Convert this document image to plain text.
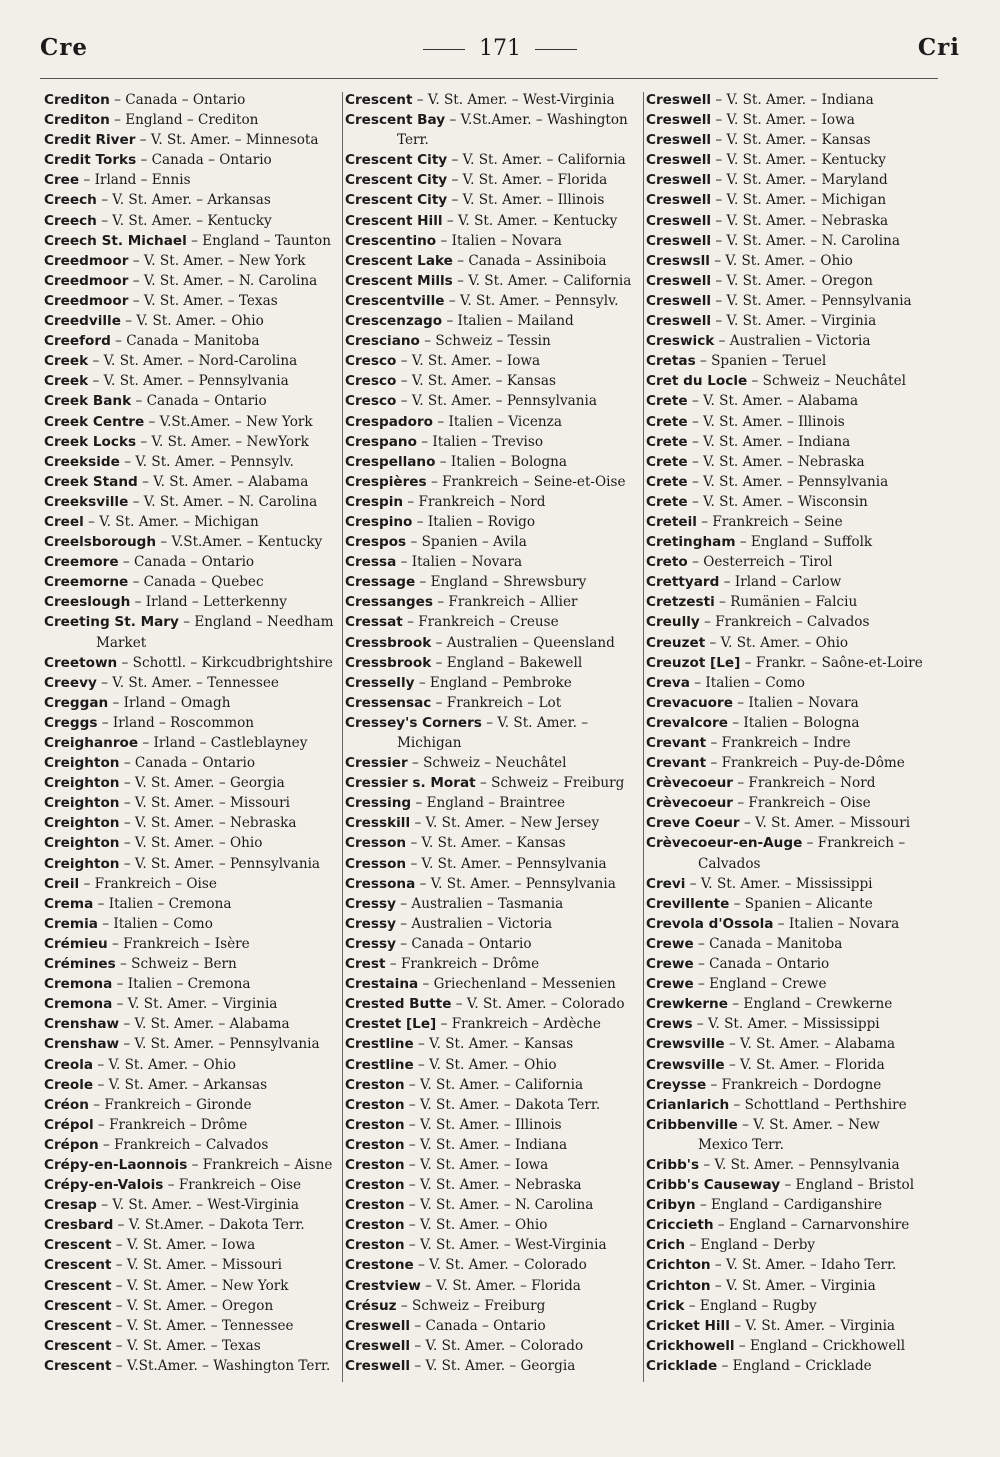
Cre	171	Cri
Crediton – Canada – Ontario
Crediton – England – Crediton
Credit River – V. St. Amer. – Minnesota
Credit Torks – Canada – Ontario
Cree – Irland – Ennis
Creech – V. St. Amer. – Arkansas
Creech – V. St. Amer. – Kentucky
Creech St. Michael – England – Taunton
Creedmoor – V. St. Amer. – New York
Creedmoor – V. St. Amer. – N. Carolina
Creedmoor – V. St. Amer. – Texas
Creedville – V. St. Amer. – Ohio
Creeford – Canada – Manitoba
Creek – V. St. Amer. – Nord-Carolina
Creek – V. St. Amer. – Pennsylvania
Creek Bank – Canada – Ontario
Creek Centre – V.St.Amer. – New York
Creek Locks – V. St. Amer. – NewYork
Creekside – V. St. Amer. – Pennsylv.
Creek Stand – V. St. Amer. – Alabama
Creeksville – V. St. Amer. – N. Carolina
Creel – V. St. Amer. – Michigan
Creelsborough – V.St.Amer. – Kentucky
Creemore – Canada – Ontario
Creemorne – Canada – Quebec
Creeslough – Irland – Letterkenny
Creeting St. Mary – England – Needham
Market
Creetown – Schottl. – Kirkcudbrightshire
Creevy – V. St. Amer. – Tennessee
Creggan – Irland – Omagh
Creggs – Irland – Roscommon
Creighanroe – Irland – Castleblayney
Creighton – Canada – Ontario
Creighton – V. St. Amer. – Georgia
Creighton – V. St. Amer. – Missouri
Creighton – V. St. Amer. – Nebraska
Creighton – V. St. Amer. – Ohio
Creighton – V. St. Amer. – Pennsylvania
Creil – Frankreich – Oise
Crema – Italien – Cremona
Cremia – Italien – Como
Crémieu – Frankreich – Isère
Crémines – Schweiz – Bern
Cremona – Italien – Cremona
Cremona – V. St. Amer. – Virginia
Crenshaw – V. St. Amer. – Alabama
Crenshaw – V. St. Amer. – Pennsylvania
Creola – V. St. Amer. – Ohio
Creole – V. St. Amer. – Arkansas
Créon – Frankreich – Gironde
Crépol – Frankreich – Drôme
Crépon – Frankreich – Calvados
Crépy-en-Laonnois – Frankreich – Aisne
Crépy-en-Valois – Frankreich – Oise
Cresap – V. St. Amer. – West-Virginia
Cresbard – V. St.Amer. – Dakota Terr.
Crescent – V. St. Amer. – Iowa
Crescent – V. St. Amer. – Missouri
Crescent – V. St. Amer. – New York
Crescent – V. St. Amer. – Oregon
Crescent – V. St. Amer. – Tennessee
Crescent – V. St. Amer. – Texas
Crescent – V.St.Amer. – Washington Terr.
Crescent – V. St. Amer. – West-Virginia
Crescent Bay – V.St.Amer. – Washington
Terr.
Crescent City – V. St. Amer. – California
Crescent City – V. St. Amer. – Florida
Crescent City – V. St. Amer. – Illinois
Crescent Hill – V. St. Amer. – Kentucky
Crescentino – Italien – Novara
Crescent Lake – Canada – Assiniboia
Crescent Mills – V. St. Amer. – California
Crescentville – V. St. Amer. – Pennsylv.
Crescenzago – Italien – Mailand
Cresciano – Schweiz – Tessin
Cresco – V. St. Amer. – Iowa
Cresco – V. St. Amer. – Kansas
Cresco – V. St. Amer. – Pennsylvania
Crespadoro – Italien – Vicenza
Crespano – Italien – Treviso
Crespellano – Italien – Bologna
Crespières – Frankreich – Seine-et-Oise
Crespin – Frankreich – Nord
Crespino – Italien – Rovigo
Crespos – Spanien – Avila
Cressa – Italien – Novara
Cressage – England – Shrewsbury
Cressanges – Frankreich – Allier
Cressat – Frankreich – Creuse
Cressbrook – Australien – Queensland
Cressbrook – England – Bakewell
Cresselly – England – Pembroke
Cressensac – Frankreich – Lot
Cressey's Corners – V. St. Amer. –
Michigan
Cressier – Schweiz – Neuchâtel
Cressier s. Morat – Schweiz – Freiburg
Cressing – England – Braintree
Cresskill – V. St. Amer. – New Jersey
Cresson – V. St. Amer. – Kansas
Cresson – V. St. Amer. – Pennsylvania
Cressona – V. St. Amer. – Pennsylvania
Cressy – Australien – Tasmania
Cressy – Australien – Victoria
Cressy – Canada – Ontario
Crest – Frankreich – Drôme
Crestaina – Griechenland – Messenien
Crested Butte – V. St. Amer. – Colorado
Crestet [Le] – Frankreich – Ardèche
Crestline – V. St. Amer. – Kansas
Crestline – V. St. Amer. – Ohio
Creston – V. St. Amer. – California
Creston – V. St. Amer. – Dakota Terr.
Creston – V. St. Amer. – Illinois
Creston – V. St. Amer. – Indiana
Creston – V. St. Amer. – Iowa
Creston – V. St. Amer. – Nebraska
Creston – V. St. Amer. – N. Carolina
Creston – V. St. Amer. – Ohio
Creston – V. St. Amer. – West-Virginia
Crestone – V. St. Amer. – Colorado
Crestview – V. St. Amer. – Florida
Crésuz – Schweiz – Freiburg
Creswell – Canada – Ontario
Creswell – V. St. Amer. – Colorado
Creswell – V. St. Amer. – Georgia
Creswell – V. St. Amer. – Indiana
Creswell – V. St. Amer. – Iowa
Creswell – V. St. Amer. – Kansas
Creswell – V. St. Amer. – Kentucky
Creswell – V. St. Amer. – Maryland
Creswell – V. St. Amer. – Michigan
Creswell – V. St. Amer. – Nebraska
Creswell – V. St. Amer. – N. Carolina
Creswsll – V. St. Amer. – Ohio
Creswell – V. St. Amer. – Oregon
Creswell – V. St. Amer. – Pennsylvania
Creswell – V. St. Amer. – Virginia
Creswick – Australien – Victoria
Cretas – Spanien – Teruel
Cret du Locle – Schweiz – Neuchâtel
Crete – V. St. Amer. – Alabama
Crete – V. St. Amer. – Illinois
Crete – V. St. Amer. – Indiana
Crete – V. St. Amer. – Nebraska
Crete – V. St. Amer. – Pennsylvania
Crete – V. St. Amer. – Wisconsin
Creteil – Frankreich – Seine
Cretingham – England – Suffolk
Creto – Oesterreich – Tirol
Crettyard – Irland – Carlow
Cretzesti – Rumänien – Falciu
Creully – Frankreich – Calvados
Creuzet – V. St. Amer. – Ohio
Creuzot [Le] – Frankr. – Saône-et-Loire
Creva – Italien – Como
Crevacuore – Italien – Novara
Crevalcore – Italien – Bologna
Crevant – Frankreich – Indre
Crevant – Frankreich – Puy-de-Dôme
Crèvecoeur – Frankreich – Nord
Crèvecoeur – Frankreich – Oise
Creve Coeur – V. St. Amer. – Missouri
Crèvecoeur-en-Auge – Frankreich –
Calvados
Crevi – V. St. Amer. – Mississippi
Crevillente – Spanien – Alicante
Crevola d'Ossola – Italien – Novara
Crewe – Canada – Manitoba
Crewe – Canada – Ontario
Crewe – England – Crewe
Crewkerne – England – Crewkerne
Crews – V. St. Amer. – Mississippi
Crewsville – V. St. Amer. – Alabama
Crewsville – V. St. Amer. – Florida
Creysse – Frankreich – Dordogne
Crianlarich – Schottland – Perthshire
Cribbenville – V. St. Amer. – New
Mexico Terr.
Cribb's – V. St. Amer. – Pennsylvania
Cribb's Causeway – England – Bristol
Cribyn – England – Cardiganshire
Criccieth – England – Carnarvonshire
Crich – England – Derby
Crichton – V. St. Amer. – Idaho Terr.
Crichton – V. St. Amer. – Virginia
Crick – England – Rugby
Cricket Hill – V. St. Amer. – Virginia
Crickhowell – England – Crickhowell
Cricklade – England – Cricklade
